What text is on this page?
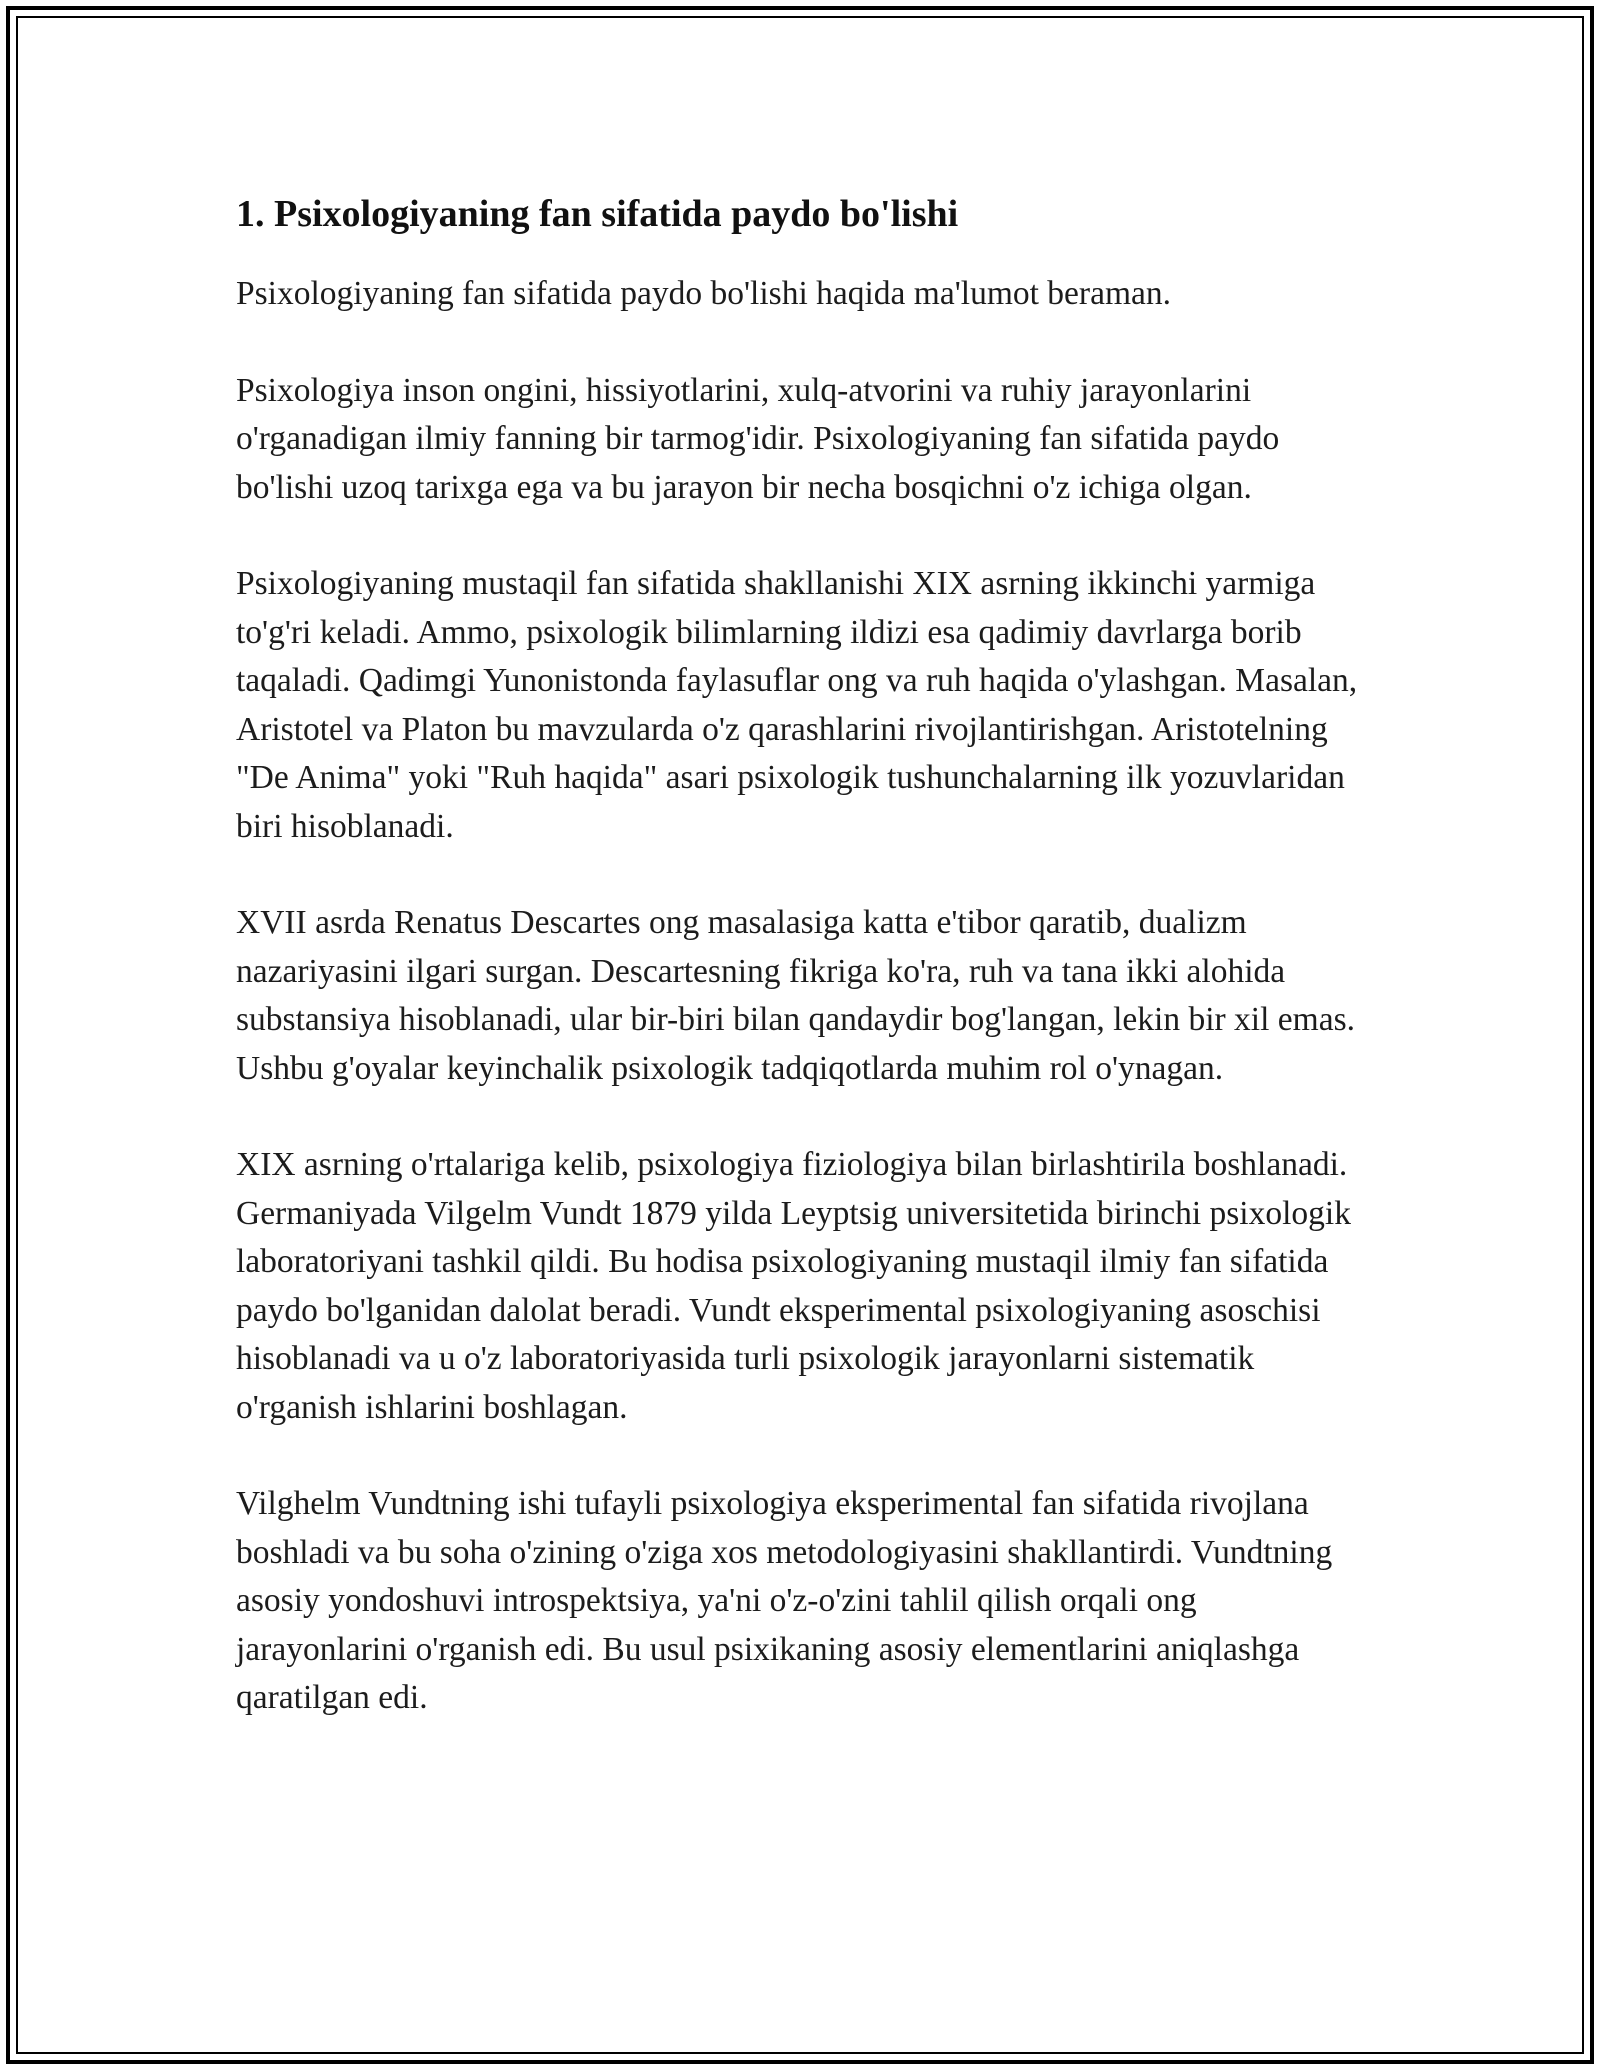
1. Psixologiyaning fan sifatida paydo bo'lishi

Psixologiyaning fan sifatida paydo bo'lishi haqida ma'lumot beraman.

Psixologiya inson ongini, hissiyotlarini, xulq-atvorini va ruhiy jarayonlarini o'rganadigan ilmiy fanning bir tarmog'idir. Psixologiyaning fan sifatida paydo bo'lishi uzoq tarixga ega va bu jarayon bir necha bosqichni o'z ichiga olgan.

Psixologiyaning mustaqil fan sifatida shakllanishi XIX asrning ikkinchi yarmiga to'g'ri keladi. Ammo, psixologik bilimlarning ildizi esa qadimiy davrlarga borib taqaladi. Qadimgi Yunonistonda faylasuflar ong va ruh haqida o'ylashgan. Masalan, Aristotel va Platon bu mavzularda o'z qarashlarini rivojlantirishgan. Aristotelning "De Anima" yoki "Ruh haqida" asari psixologik tushunchalarning ilk yozuvlaridan biri hisoblanadi.

XVII asrda Renatus Descartes ong masalasiga katta e'tibor qaratib, dualizm nazariyasini ilgari surgan. Descartesning fikriga ko'ra, ruh va tana ikki alohida substansiya hisoblanadi, ular bir-biri bilan qandaydir bog'langan, lekin bir xil emas. Ushbu g'oyalar keyinchalik psixologik tadqiqotlarda muhim rol o'ynagan.

XIX asrning o'rtalariga kelib, psixologiya fiziologiya bilan birlashtirila boshlanadi. Germaniyada Vilgelm Vundt 1879 yilda Leyptsig universitetida birinchi psixologik laboratoriyani tashkil qildi. Bu hodisa psixologiyaning mustaqil ilmiy fan sifatida paydo bo'lganidan dalolat beradi. Vundt eksperimental psixologiyaning asoschisi hisoblanadi va u o'z laboratoriyasida turli psixologik jarayonlarni sistematik o'rganish ishlarini boshlagan.

Vilghelm Vundtning ishi tufayli psixologiya eksperimental fan sifatida rivojlana boshladi va bu soha o'zining o'ziga xos metodologiyasini shakllantirdi. Vundtning asosiy yondoshuvi introspektsiya, ya'ni o'z-o'zini tahlil qilish orqali ong jarayonlarini o'rganish edi. Bu usul psixikaning asosiy elementlarini aniqlashga qaratilgan edi.
